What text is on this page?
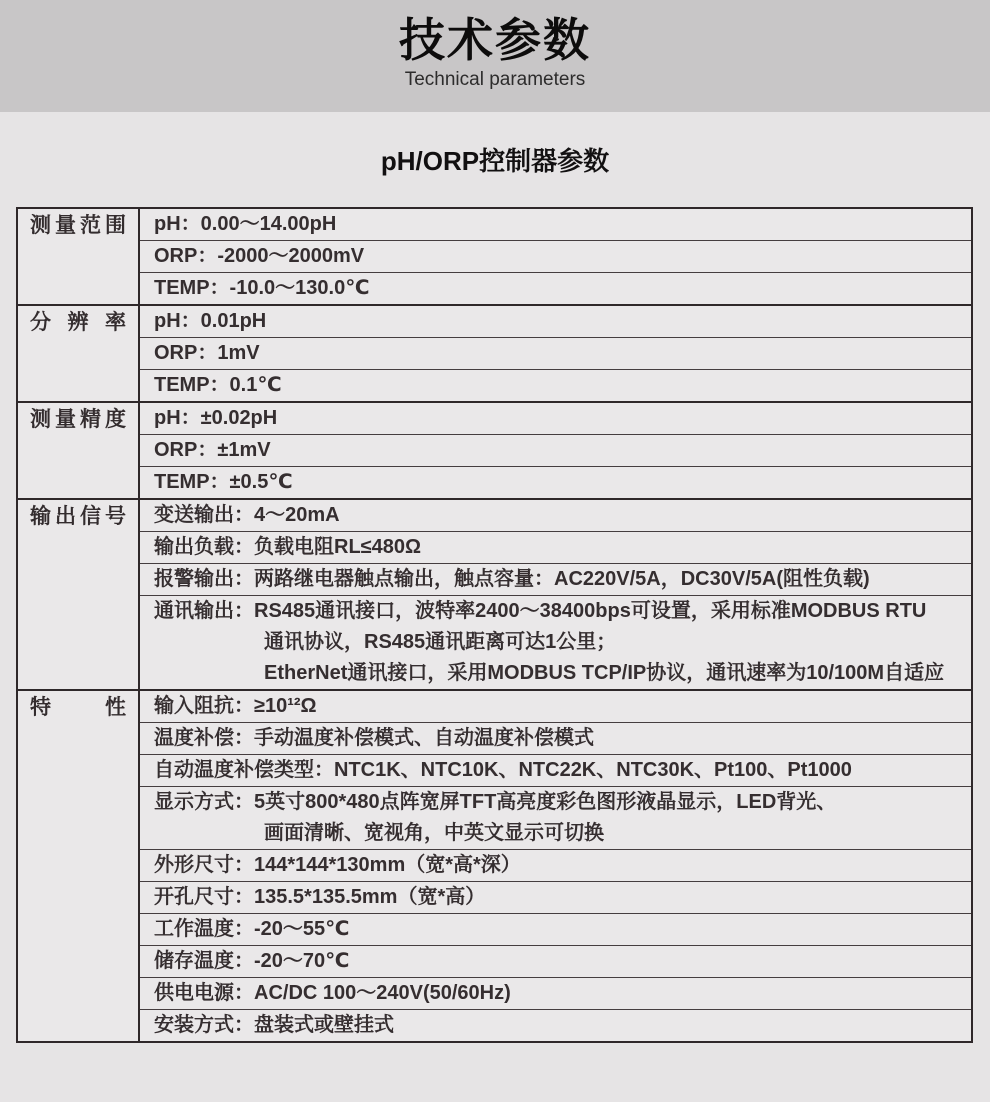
技术参数
Technical parameters
pH/ORP控制器参数
测量范围	pH：0.00～14.00pH
ORP：-2000～2000mV
TEMP：-10.0～130.0℃
分辨率	pH：0.01pH
ORP：1mV
TEMP：0.1℃
测量精度	pH：±0.02pH
ORP：±1mV
TEMP：±0.5℃
输出信号	变送输出：4～20mA
输出负载：负载电阻RL≤480Ω
报警输出：两路继电器触点输出，触点容量：AC220V/5A，DC30V/5A(阻性负载)
通讯输出：RS485通讯接口，波特率2400～38400bps可设置，采用标准MODBUS RTU
通讯协议，RS485通讯距离可达1公里；
EtherNet通讯接口，采用MODBUS TCP/IP协议，通讯速率为10/100M自适应
特性	输入阻抗：≥10¹²Ω
温度补偿：手动温度补偿模式、自动温度补偿模式
自动温度补偿类型：NTC1K、NTC10K、NTC22K、NTC30K、Pt100、Pt1000
显示方式：5英寸800*480点阵宽屏TFT高亮度彩色图形液晶显示，LED背光、
画面清晰、宽视角，中英文显示可切换
外形尺寸：144*144*130mm（宽*高*深）
开孔尺寸：135.5*135.5mm（宽*高）
工作温度：-20～55℃
储存温度：-20～70℃
供电电源：AC/DC 100～240V(50/60Hz)
安装方式：盘装式或壁挂式
